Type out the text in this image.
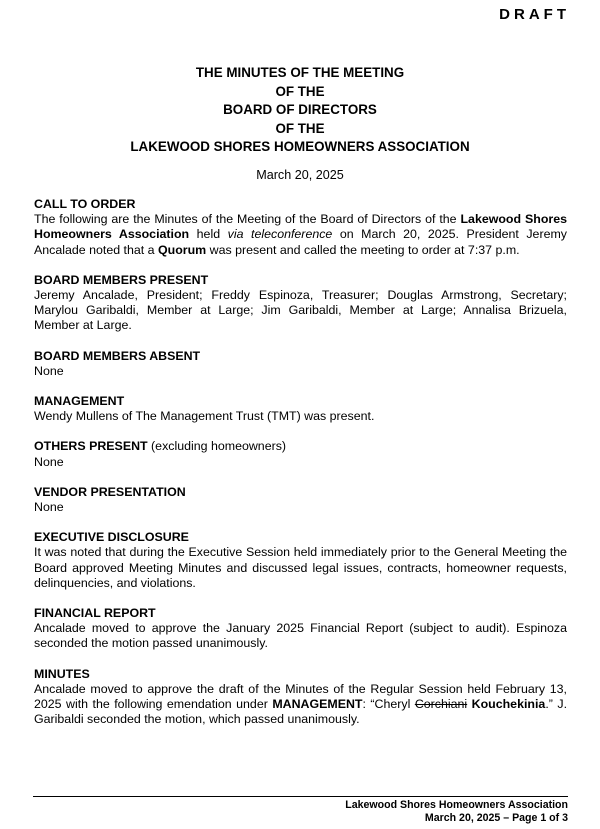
DRAFT
THE MINUTES OF THE MEETING
OF THE
BOARD OF DIRECTORS
OF THE
LAKEWOOD SHORES HOMEOWNERS ASSOCIATION
March 20, 2025
CALL TO ORDER
The following are the Minutes of the Meeting of the Board of Directors of the Lakewood Shores Homeowners Association held via teleconference on March 20, 2025. President Jeremy Ancalade noted that a Quorum was present and called the meeting to order at 7:37 p.m.
BOARD MEMBERS PRESENT
Jeremy Ancalade, President; Freddy Espinoza, Treasurer; Douglas Armstrong, Secretary; Marylou Garibaldi, Member at Large; Jim Garibaldi, Member at Large; Annalisa Brizuela, Member at Large.
BOARD MEMBERS ABSENT
None
MANAGEMENT
Wendy Mullens of The Management Trust (TMT) was present.
OTHERS PRESENT (excluding homeowners)
None
VENDOR PRESENTATION
None
EXECUTIVE DISCLOSURE
It was noted that during the Executive Session held immediately prior to the General Meeting the Board approved Meeting Minutes and discussed legal issues, contracts, homeowner requests, delinquencies, and violations.
FINANCIAL REPORT
Ancalade moved to approve the January 2025 Financial Report (subject to audit). Espinoza seconded the motion passed unanimously.
MINUTES
Ancalade moved to approve the draft of the Minutes of the Regular Session held February 13, 2025 with the following emendation under MANAGEMENT: “Cheryl Corchiani Kouchekinia.” J. Garibaldi seconded the motion, which passed unanimously.
Lakewood Shores Homeowners Association
March 20, 2025 – Page 1 of 3
